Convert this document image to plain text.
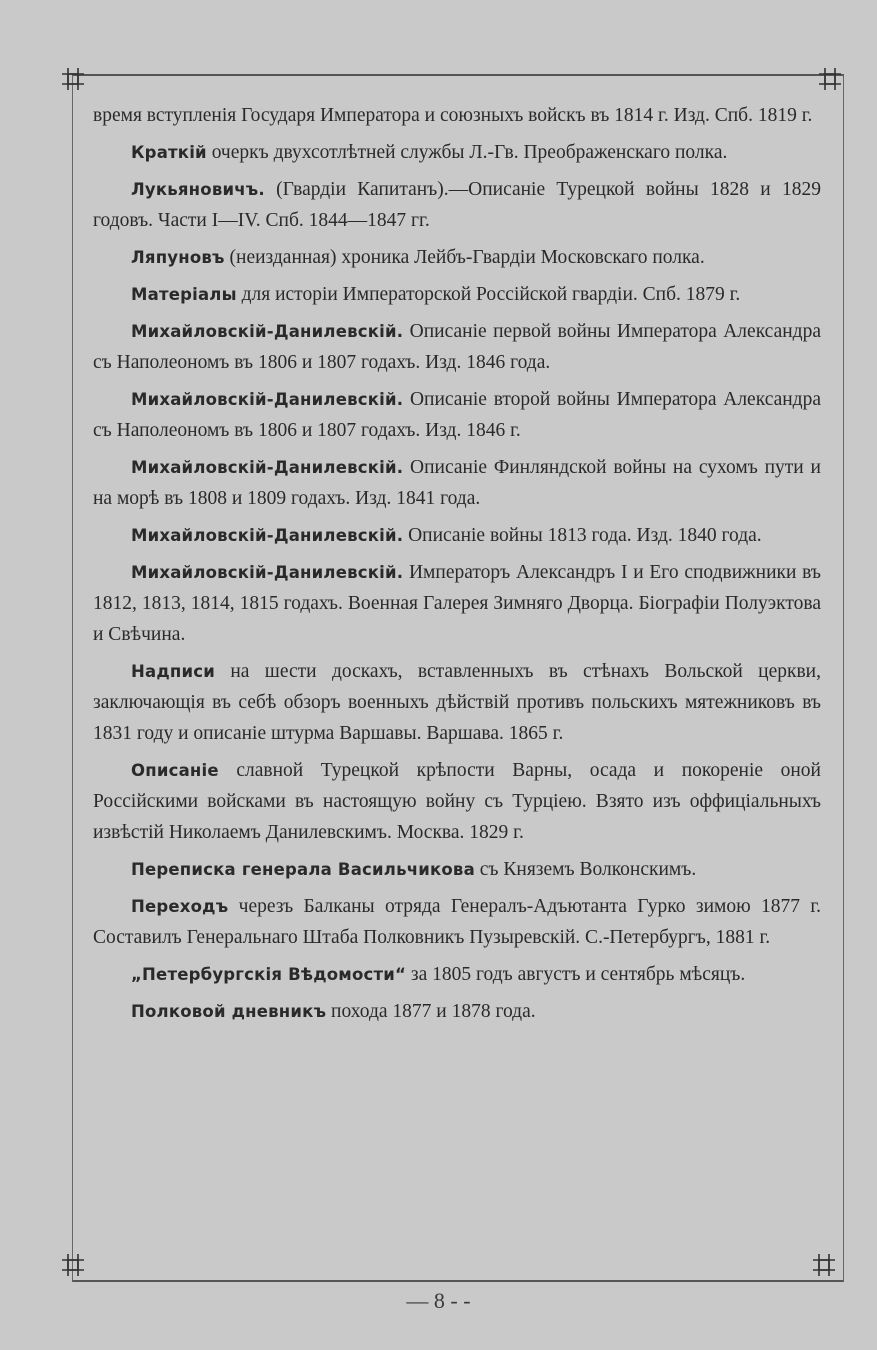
время вступленія Государя Императора и союзныхъ войскъ въ 1814 г. Изд. Спб. 1819 г.

Краткій очеркъ двухсотлѣтней службы Л.-Гв. Преображенскаго полка.

Лукьяновичъ. (Гвардіи Капитанъ).—Описаніе Турецкой войны 1828 и 1829 годовъ. Части I—IV. Спб. 1844—1847 гг.

Ляпуновъ (неизданная) хроника Лейбъ-Гвардіи Московскаго полка.

Матеріалы для исторіи Императорской Россійской гвардіи. Спб. 1879 г.

Михайловскій-Данилевскій. Описаніе первой войны Императора Александра съ Наполеономъ въ 1806 и 1807 годахъ. Изд. 1846 года.

Михайловскій-Данилевскій. Описаніе второй войны Императора Александра съ Наполеономъ въ 1806 и 1807 годахъ. Изд. 1846 г.

Михайловскій-Данилевскій. Описаніе Финляндской войны на сухомъ пути и на морѣ въ 1808 и 1809 годахъ. Изд. 1841 года.

Михайловскій-Данилевскій. Описаніе войны 1813 года. Изд. 1840 года.

Михайловскій-Данилевскій. Императоръ Александръ I и Его сподвижники въ 1812, 1813, 1814, 1815 годахъ. Военная Галерея Зимняго Дворца. Біографіи Полуэктова и Свѣчина.

Надписи на шести доскахъ, вставленныхъ въ стѣнахъ Вольской церкви, заключающія въ себѣ обзоръ военныхъ дѣйствій противъ польскихъ мятежниковъ въ 1831 году и описаніе штурма Варшавы. Варшава. 1865 г.

Описаніе славной Турецкой крѣпости Варны, осада и покореніе оной Россійскими войсками въ настоящую войну съ Турціею. Взято изъ оффиціальныхъ извѣстій Николаемъ Данилевскимъ. Москва. 1829 г.

Переписка генерала Васильчикова съ Княземъ Волконскимъ.

Переходъ черезъ Балканы отряда Генералъ-Адъютанта Гурко зимою 1877 г. Составилъ Генеральнаго Штаба Полковникъ Пузыревскій. С.-Петербургъ, 1881 г.

„Петербургскія Вѣдомости“ за 1805 годъ августъ и сентябрь мѣсяцъ.

Полковой дневникъ похода 1877 и 1878 года.

— 8 - -
